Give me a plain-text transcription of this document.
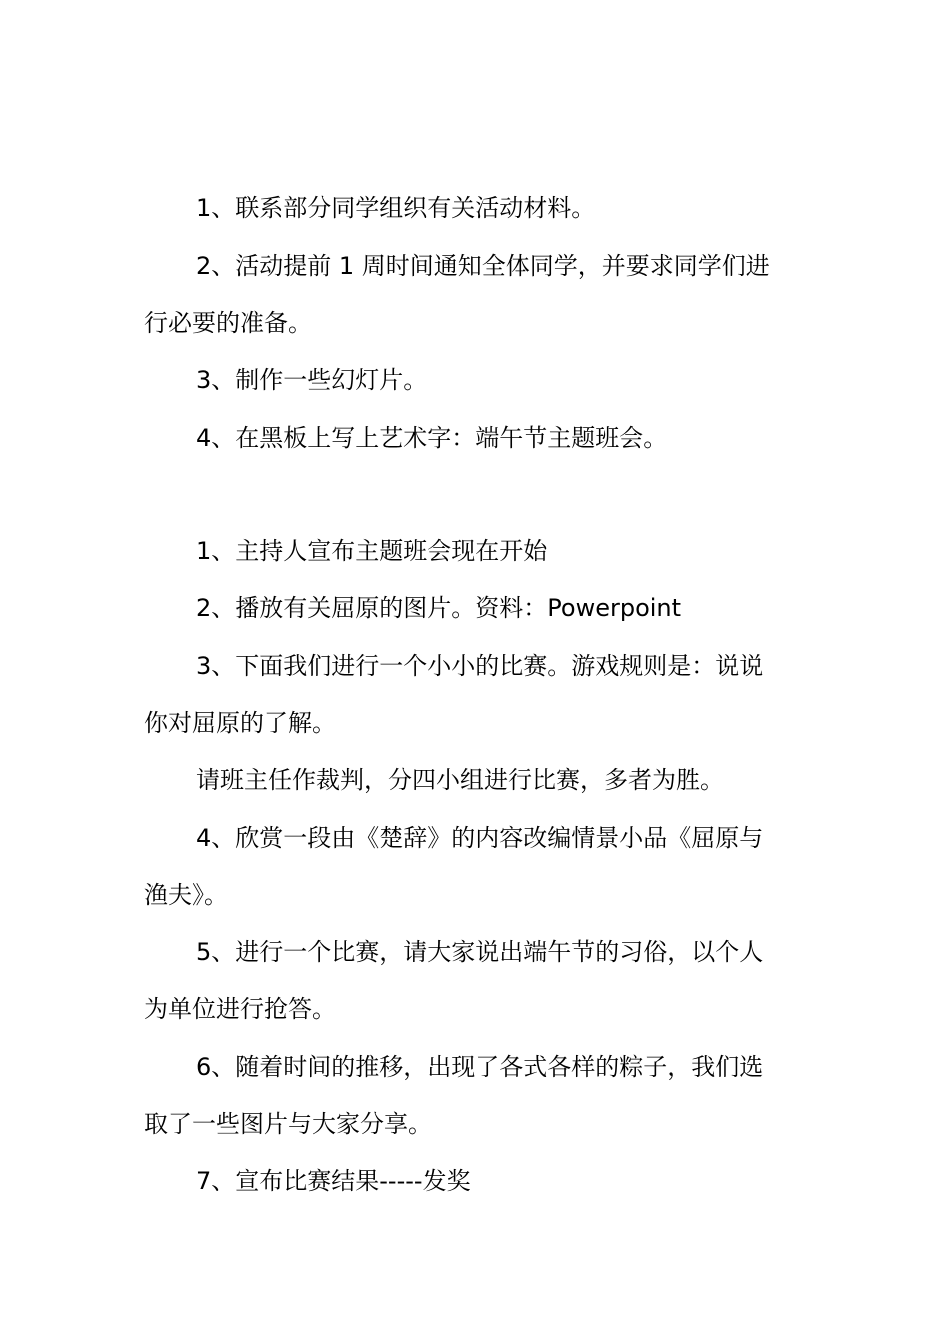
1、联系部分同学组织有关活动材料。
2、活动提前 1 周时间通知全体同学，并要求同学们进
行必要的准备。
3、制作一些幻灯片。
4、在黑板上写上艺术字：端午节主题班会。
1、主持人宣布主题班会现在开始
2、播放有关屈原的图片。资料：Powerpoint
3、下面我们进行一个小小的比赛。游戏规则是：说说
你对屈原的了解。
请班主任作裁判，分四小组进行比赛，多者为胜。
4、欣赏一段由《楚辞》的内容改编情景小品《屈原与
渔夫》。
5、进行一个比赛，请大家说出端午节的习俗，以个人
为单位进行抢答。
6、随着时间的推移，出现了各式各样的粽子，我们选
取了一些图片与大家分享。
7、宣布比赛结果-----发奖
